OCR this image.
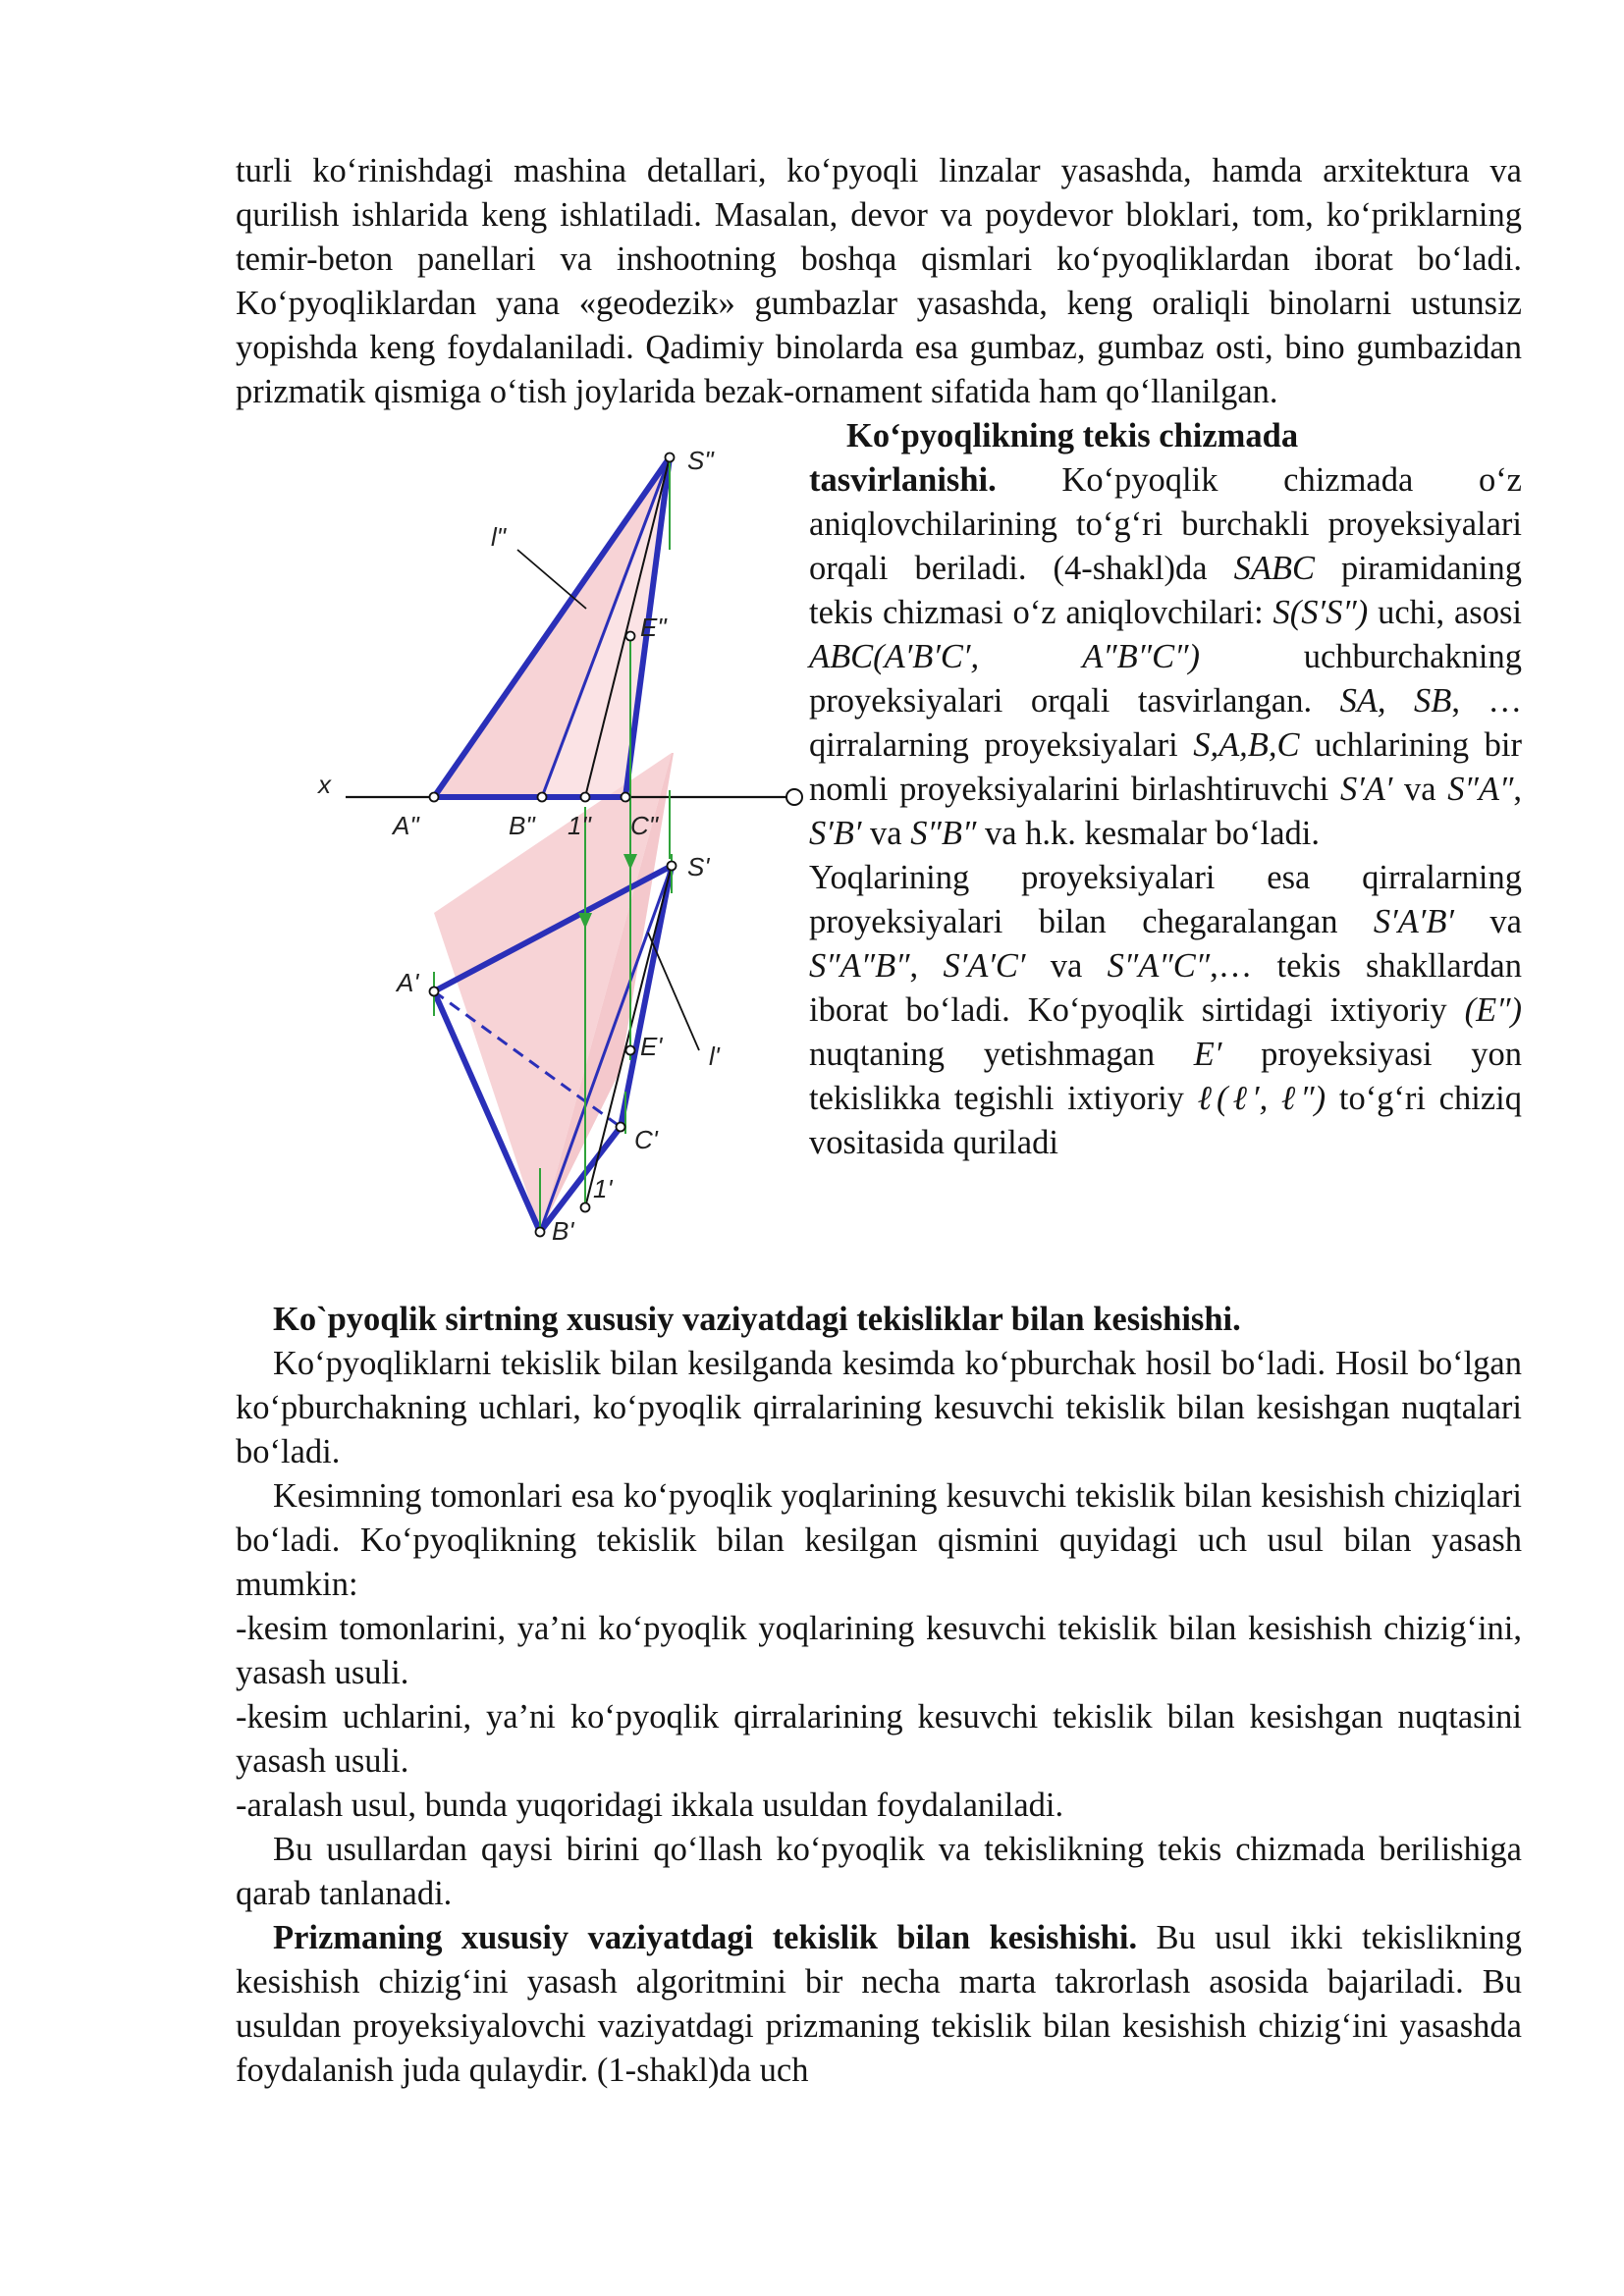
turli ko‘rinishdagi mashina detallari, ko‘pyoqli linzalar yasashda, hamda arxitektura va qurilish ishlarida keng ishlatiladi. Masalan, devor va poydevor bloklari, tom, ko‘priklarning temir-beton panellari va inshootning boshqa qismlari ko‘pyoqliklardan iborat bo‘ladi. Ko‘pyoqliklardan yana «geodezik» gumbazlar yasashda, keng oraliqli binolarni ustunsiz yopishda keng foydalaniladi. Qadimiy binolarda esa gumbaz, gumbaz osti, bino gumbazidan prizmatik qismiga o‘tish joylarida bezak-ornament sifatida ham qo‘llanilgan.

S"
l"
E"
x
A"	B" 1" C"
S'
A'
E' l'
C'
1'
B'

Ko‘pyoqlikning tekis chizmada

tasvirlanishi. Ko‘pyoqlik chizmada o‘z aniqlovchilarining to‘g‘ri burchakli proyeksiyalari orqali beriladi. (4-shakl)da SABC piramidaning tekis chizmasi o‘z aniqlovchilari: S(S′S″) uchi, asosi ABC(A′B′C′, A″B″C″) uchburchakning proyeksiyalari orqali tasvirlangan. SA, SB, … qirralarning proyeksiyalari S,A,B,C uchlarining bir nomli proyeksiyalarini birlashtiruvchi S′A′ va S″A″, S′B′ va S″B″ va h.k. kesmalar bo‘ladi.

Yoqlarining proyeksiyalari esa qirralarning proyeksiyalari bilan chegaralangan S′A′B′ va S″A″B″, S′A′C′ va S″A″C″,… tekis shakllardan iborat bo‘ladi. Ko‘pyoqlik sirtidagi ixtiyoriy (E″) nuqtaning yetishmagan E′ proyeksiyasi yon tekislikka tegishli ixtiyoriy ℓ(ℓ′, ℓ″) to‘g‘ri chiziq vositasida quriladi

Ko`pyoqlik sirtning xususiy vaziyatdagi tekisliklar bilan kesishishi.

Ko‘pyoqliklarni tekislik bilan kesilganda kesimda ko‘pburchak hosil bo‘ladi. Hosil bo‘lgan ko‘pburchakning uchlari, ko‘pyoqlik qirralarining kesuvchi tekislik bilan kesishgan nuqtalari bo‘ladi.

Kesimning tomonlari esa ko‘pyoqlik yoqlarining kesuvchi tekislik bilan kesishish chiziqlari bo‘ladi. Ko‘pyoqlikning tekislik bilan kesilgan qismini quyidagi uch usul bilan yasash mumkin:

-kesim tomonlarini, ya’ni ko‘pyoqlik yoqlarining kesuvchi tekislik bilan kesishish chizig‘ini, yasash usuli.

-kesim uchlarini, ya’ni ko‘pyoqlik qirralarining kesuvchi tekislik bilan kesishgan nuqtasini yasash usuli.

-aralash usul, bunda yuqoridagi ikkala usuldan foydalaniladi.

Bu usullardan qaysi birini qo‘llash ko‘pyoqlik va tekislikning tekis chizmada berilishiga qarab tanlanadi.

Prizmaning xususiy vaziyatdagi tekislik bilan kesishishi. Bu usul ikki tekislikning kesishish chizig‘ini yasash algoritmini bir necha marta takrorlash asosida bajariladi. Bu usuldan proyeksiyalovchi vaziyatdagi prizmaning tekislik bilan kesishish chizig‘ini yasashda foydalanish juda qulaydir. (1-shakl)da uch
